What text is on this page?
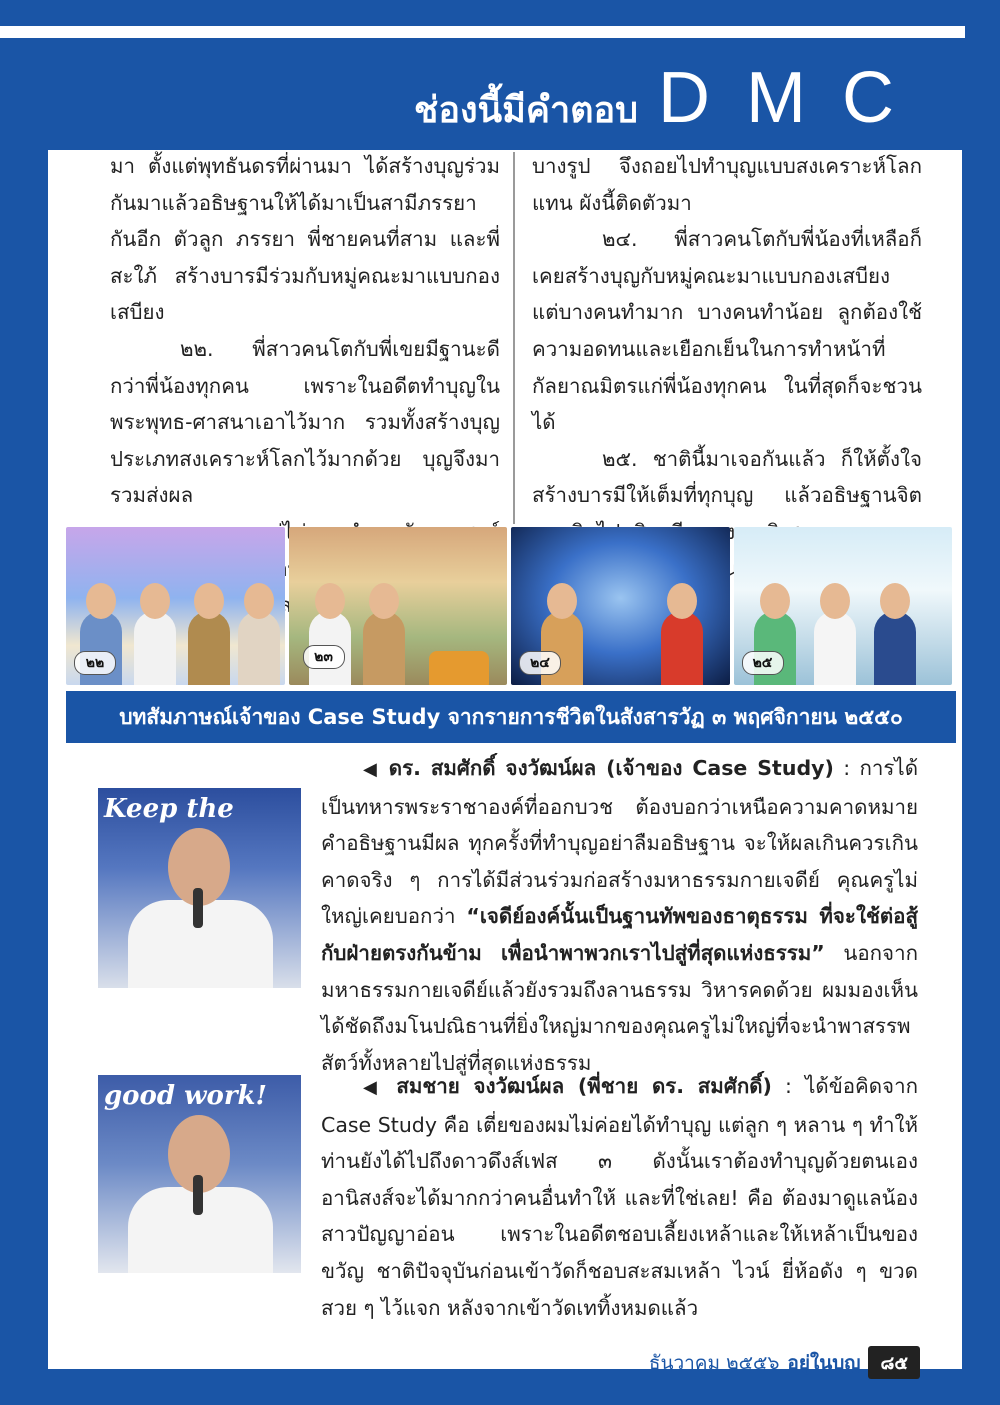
ช่องนี้มีคำตอบ DMC

มา ตั้งแต่พุทธันดรที่ผ่านมา ได้สร้างบุญร่วมกันมาแล้วอธิษฐานให้ได้มาเป็นสามีภรรยากันอีก ตัวลูก ภรรยา พี่ชายคนที่สาม และพี่สะใภ้ สร้างบารมีร่วมกับหมู่คณะมาแบบกองเสบียง

๒๒. พี่สาวคนโตกับพี่เขยมีฐานะดีกว่าพี่น้องทุกคน เพราะในอดีตทำบุญในพระพุทธ-ศาสนาเอาไว้มาก รวมทั้งสร้างบุญประเภทสงเคราะห์โลกไว้มากด้วย บุญจึงมารวมส่งผล

บางรูป จึงถอยไปทำบุญแบบสงเคราะห์โลกแทน ผังนี้ติดตัวมา

๒๔. พี่สาวคนโตกับพี่น้องที่เหลือก็เคยสร้างบุญกับหมู่คณะมาแบบกองเสบียง แต่บางคนทำมาก บางคนทำน้อย ลูกต้องใช้ความอดทนและเยือกเย็นในการทำหน้าที่กัลยาณมิตรแก่พี่น้องทุกคน ในที่สุดก็จะชวนได้

๒๕. ชาตินี้มาเจอกันแล้ว ก็ให้ตั้งใจสร้างบารมีให้เต็มที่ทุกบุญ แล้วอธิษฐานจิต

๒๒	๒๓	๒๔	๒๕
บทสัมภาษณ์เจ้าของ Case Study จากรายการชีวิตในสังสารวัฏ ๓ พฤศจิกายน ๒๕๕๐
Keep the

◀ ดร. สมศักดิ์ จงวัฒน์ผล (เจ้าของ Case Study) : การได้เป็นทหารพระราชาองค์ที่ออกบวช ต้องบอกว่าเหนือความคาดหมาย คำอธิษฐานมีผล ทุกครั้งที่ทำบุญอย่าลืมอธิษฐาน จะให้ผลเกินควรเกินคาดจริง ๆ การได้มีส่วนร่วมก่อสร้างมหาธรรมกายเจดีย์ คุณครูไม่ใหญ่เคยบอกว่า “เจดีย์องค์นั้นเป็นฐานทัพของธาตุธรรม ที่จะใช้ต่อสู้กับฝ่ายตรงกันข้าม เพื่อนำพาพวกเราไปสู่ที่สุดแห่งธรรม” นอกจากมหาธรรมกายเจดีย์แล้วยังรวมถึงลานธรรม วิหารคดด้วย ผมมองเห็นได้ชัดถึงมโนปณิธานที่ยิ่งใหญ่มากของคุณครูไม่ใหญ่ที่จะนำพาสรรพสัตว์ทั้งหลายไปสู่ที่สุดแห่งธรรม

good work!	◀ สมชาย จงวัฒน์ผล (พี่ชาย ดร. สมศักดิ์) : ได้ข้อคิดจาก Case Study คือ เตี่ยของผมไม่ค่อยได้ทำบุญ แต่ลูก ๆ หลาน ๆ ทำให้ ท่านยังได้ไปถึงดาวดึงส์เฟส ๓ ดังนั้นเราต้องทำบุญด้วยตนเอง อานิสงส์จะได้มากกว่าคนอื่นทำให้ และที่ใช่เลย! คือ ต้องมาดูแลน้องสาวปัญญาอ่อน เพราะในอดีตชอบเลี้ยงเหล้าและให้เหล้าเป็นของขวัญ ชาติปัจจุบันก่อนเข้าวัดก็ชอบสะสมเหล้า ไวน์ ยี่ห้อดัง ๆ ขวดสวย ๆ ไว้แจก หลังจากเข้าวัดเททิ้งหมดแล้ว

ธันวาคม ๒๕๕๖ อยู่ในบุญ	๘๕
